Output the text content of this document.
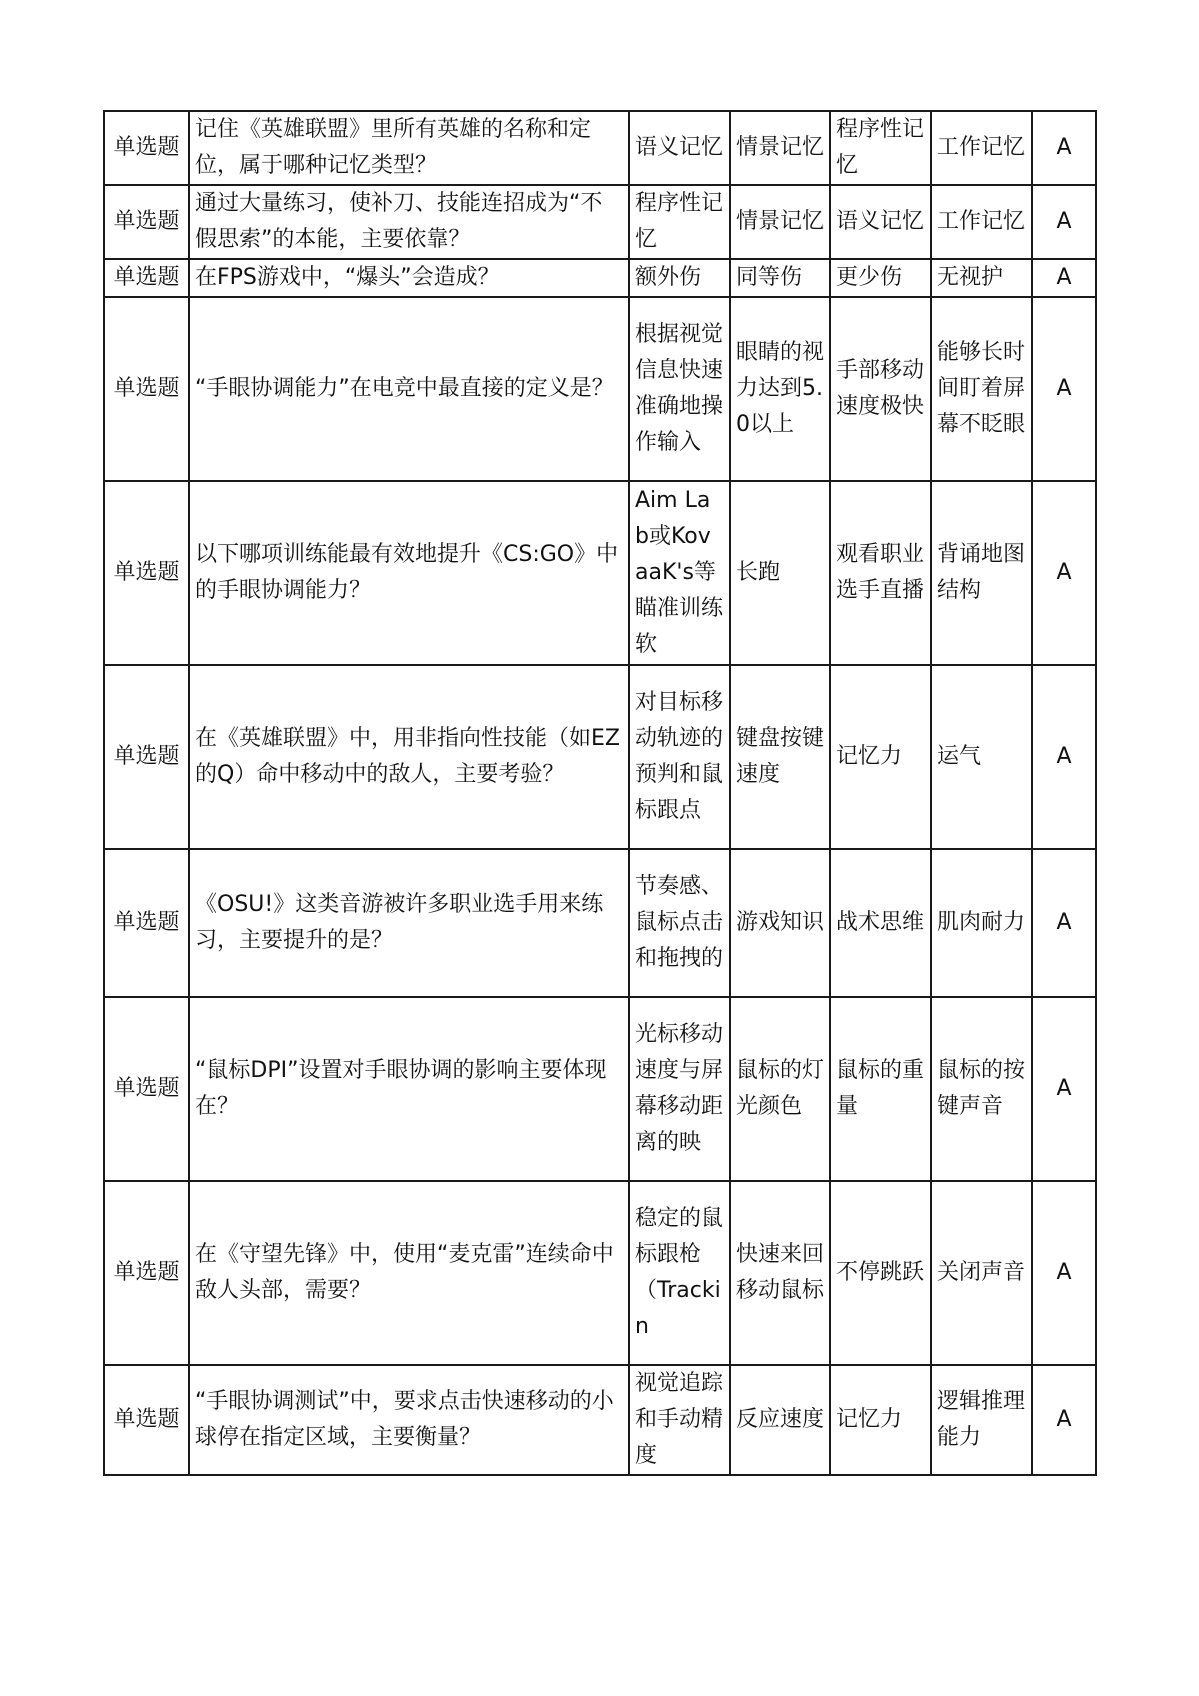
单选题	记住《英雄联盟》里所有英雄的名称和定位，属于哪种记忆类型？	语义记忆	情景记忆	程序性记忆	工作记忆	A
单选题	通过大量练习，使补刀、技能连招成为“不假思索”的本能，主要依靠？	程序性记忆	情景记忆	语义记忆	工作记忆	A
单选题	在FPS游戏中，“爆头”会造成？	额外伤	同等伤	更少伤	无视护	A
单选题	“手眼协调能力”在电竞中最直接的定义是？	根据视觉信息快速准确地操作输入	眼睛的视力达到5.0以上	手部移动速度极快	能够长时间盯着屏幕不眨眼	A
单选题	以下哪项训练能最有效地提升《CS:GO》中的手眼协调能力？	Aim Lab或KovaaK's等瞄准训练软	长跑	观看职业选手直播	背诵地图结构	A
单选题	在《英雄联盟》中，用非指向性技能（如EZ的Q）命中移动中的敌人，主要考验？	对目标移动轨迹的预判和鼠标跟点	键盘按键速度	记忆力	运气	A
单选题	《OSU!》这类音游被许多职业选手用来练习，主要提升的是？	节奏感、鼠标点击和拖拽的	游戏知识	战术思维	肌肉耐力	A
单选题	“鼠标DPI”设置对手眼协调的影响主要体现在？	光标移动速度与屏幕移动距离的映	鼠标的灯光颜色	鼠标的重量	鼠标的按键声音	A
单选题	在《守望先锋》中，使用“麦克雷”连续命中敌人头部，需要？	稳定的鼠标跟枪（Trackin	快速来回移动鼠标	不停跳跃	关闭声音	A
单选题	“手眼协调测试”中，要求点击快速移动的小球停在指定区域，主要衡量？	视觉追踪和手动精度	反应速度	记忆力	逻辑推理能力	A
